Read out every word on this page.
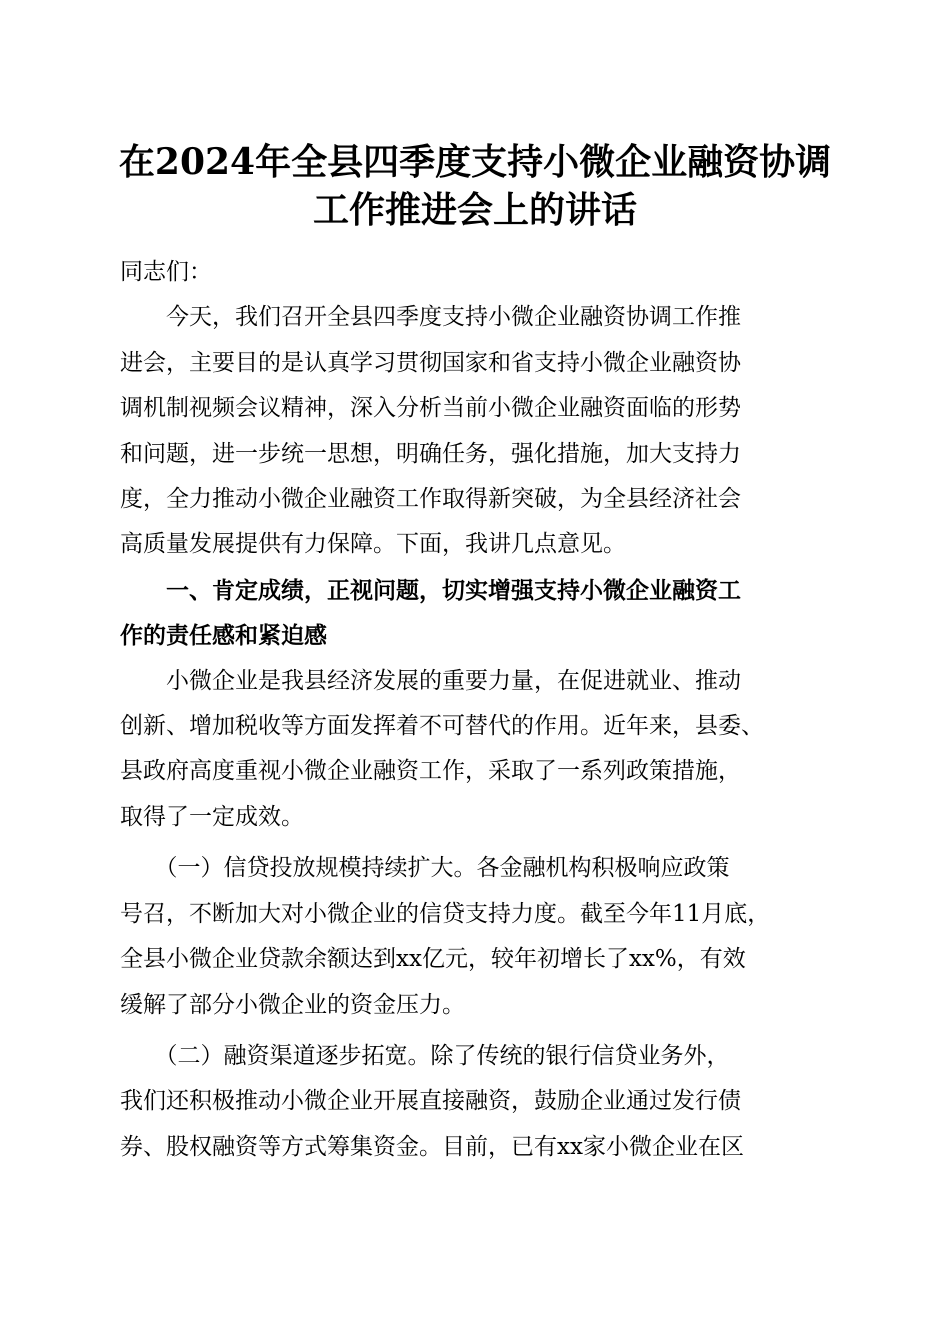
在2024年全县四季度支持小微企业融资协调
工作推进会上的讲话

同志们：

　　今天，我们召开全县四季度支持小微企业融资协调工作推
进会，主要目的是认真学习贯彻国家和省支持小微企业融资协
调机制视频会议精神，深入分析当前小微企业融资面临的形势
和问题，进一步统一思想，明确任务，强化措施，加大支持力
度，全力推动小微企业融资工作取得新突破，为全县经济社会
高质量发展提供有力保障。下面，我讲几点意见。

　　一、肯定成绩，正视问题，切实增强支持小微企业融资工
作的责任感和紧迫感

　　小微企业是我县经济发展的重要力量，在促进就业、推动
创新、增加税收等方面发挥着不可替代的作用。近年来，县委、
县政府高度重视小微企业融资工作，采取了一系列政策措施，
取得了一定成效。

　　（一）信贷投放规模持续扩大。各金融机构积极响应政策
号召，不断加大对小微企业的信贷支持力度。截至今年11月底，
全县小微企业贷款余额达到xx亿元，较年初增长了xx%，有效
缓解了部分小微企业的资金压力。

　　（二）融资渠道逐步拓宽。除了传统的银行信贷业务外，
我们还积极推动小微企业开展直接融资，鼓励企业通过发行债
券、股权融资等方式筹集资金。目前，已有xx家小微企业在区
